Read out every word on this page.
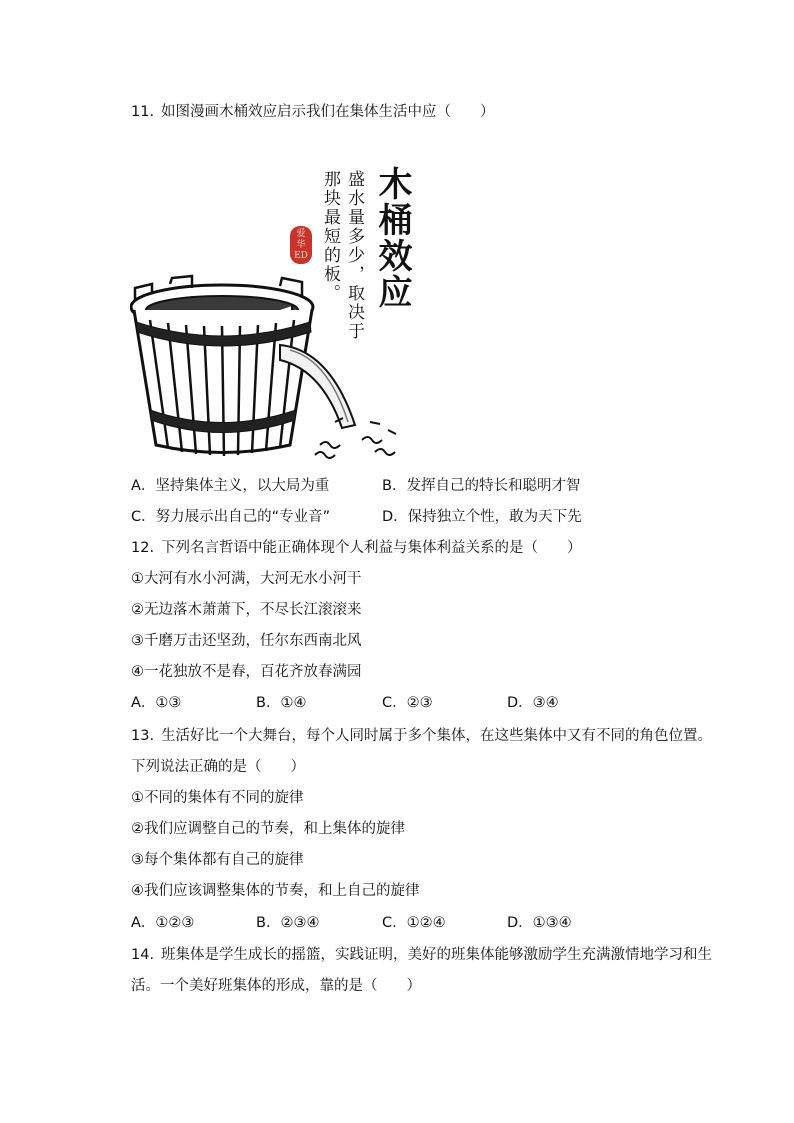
11. 如图漫画木桶效应启示我们在集体生活中应（　　）
木桶效应
盛水量多少，取决于
那块最短的板。
爱
华
ED
A．坚持集体主义，以大局为重	B．发挥自己的特长和聪明才智
C．努力展示出自己的“专业音”	D．保持独立个性，敢为天下先
12. 下列名言哲语中能正确体现个人利益与集体利益关系的是（　　）
①大河有水小河满，大河无水小河干
②无边落木萧萧下，不尽长江滚滚来
③千磨万击还坚劲，任尔东西南北风
④一花独放不是春，百花齐放春满园
A．①③	B．①④	C．②③	D．③④
13. 生活好比一个大舞台，每个人同时属于多个集体，在这些集体中又有不同的角色位置。
下列说法正确的是（　　）
①不同的集体有不同的旋律
②我们应调整自己的节奏，和上集体的旋律
③每个集体都有自己的旋律
④我们应该调整集体的节奏，和上自己的旋律
A．①②③	B．②③④	C．①②④	D．①③④
14. 班集体是学生成长的摇篮，实践证明，美好的班集体能够激励学生充满激情地学习和生
活。一个美好班集体的形成，靠的是（　　）
